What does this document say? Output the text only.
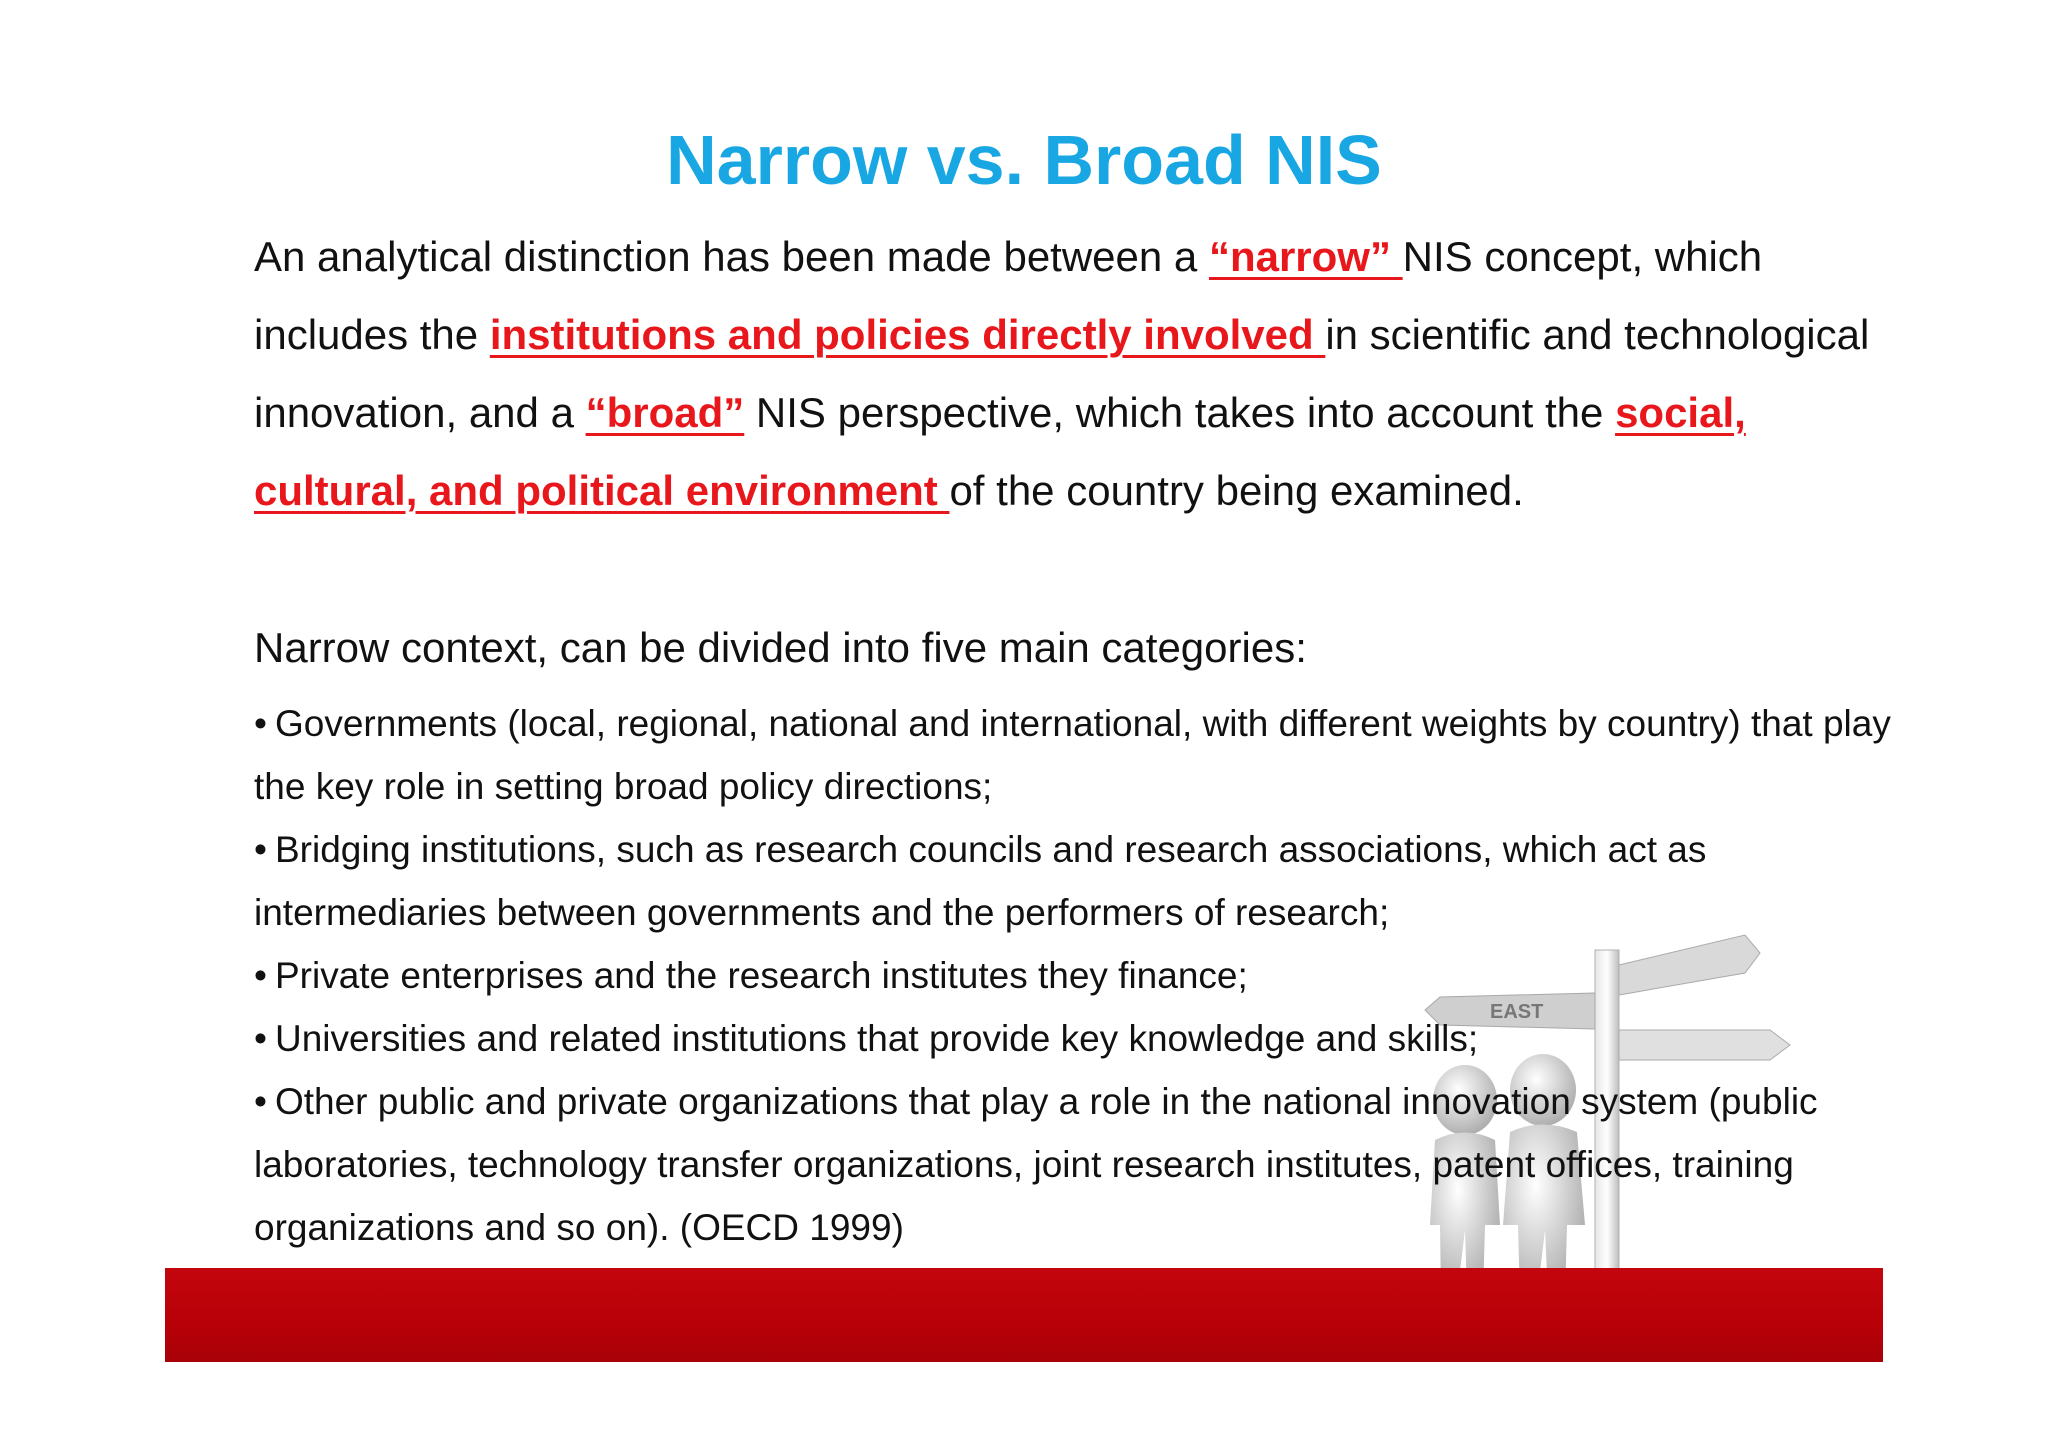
EAST
Narrow vs. Broad NIS

An analytical distinction has been made between a “narrow” NIS concept, which includes the institutions and policies directly involved in scientific and technological innovation, and a “broad” NIS perspective, which takes into account the social, cultural, and political environment of the country being examined.

Narrow context, can be divided into five main categories:

• Governments (local, regional, national and international, with different weights by country) that play the key role in setting broad policy directions;
• Bridging institutions, such as research councils and research associations, which act as intermediaries between governments and the performers of research;
• Private enterprises and the research institutes they finance;
• Universities and related institutions that provide key knowledge and skills;
• Other public and private organizations that play a role in the national innovation system (public laboratories, technology transfer organizations, joint research institutes, patent offices, training organizations and so on). (OECD 1999)
